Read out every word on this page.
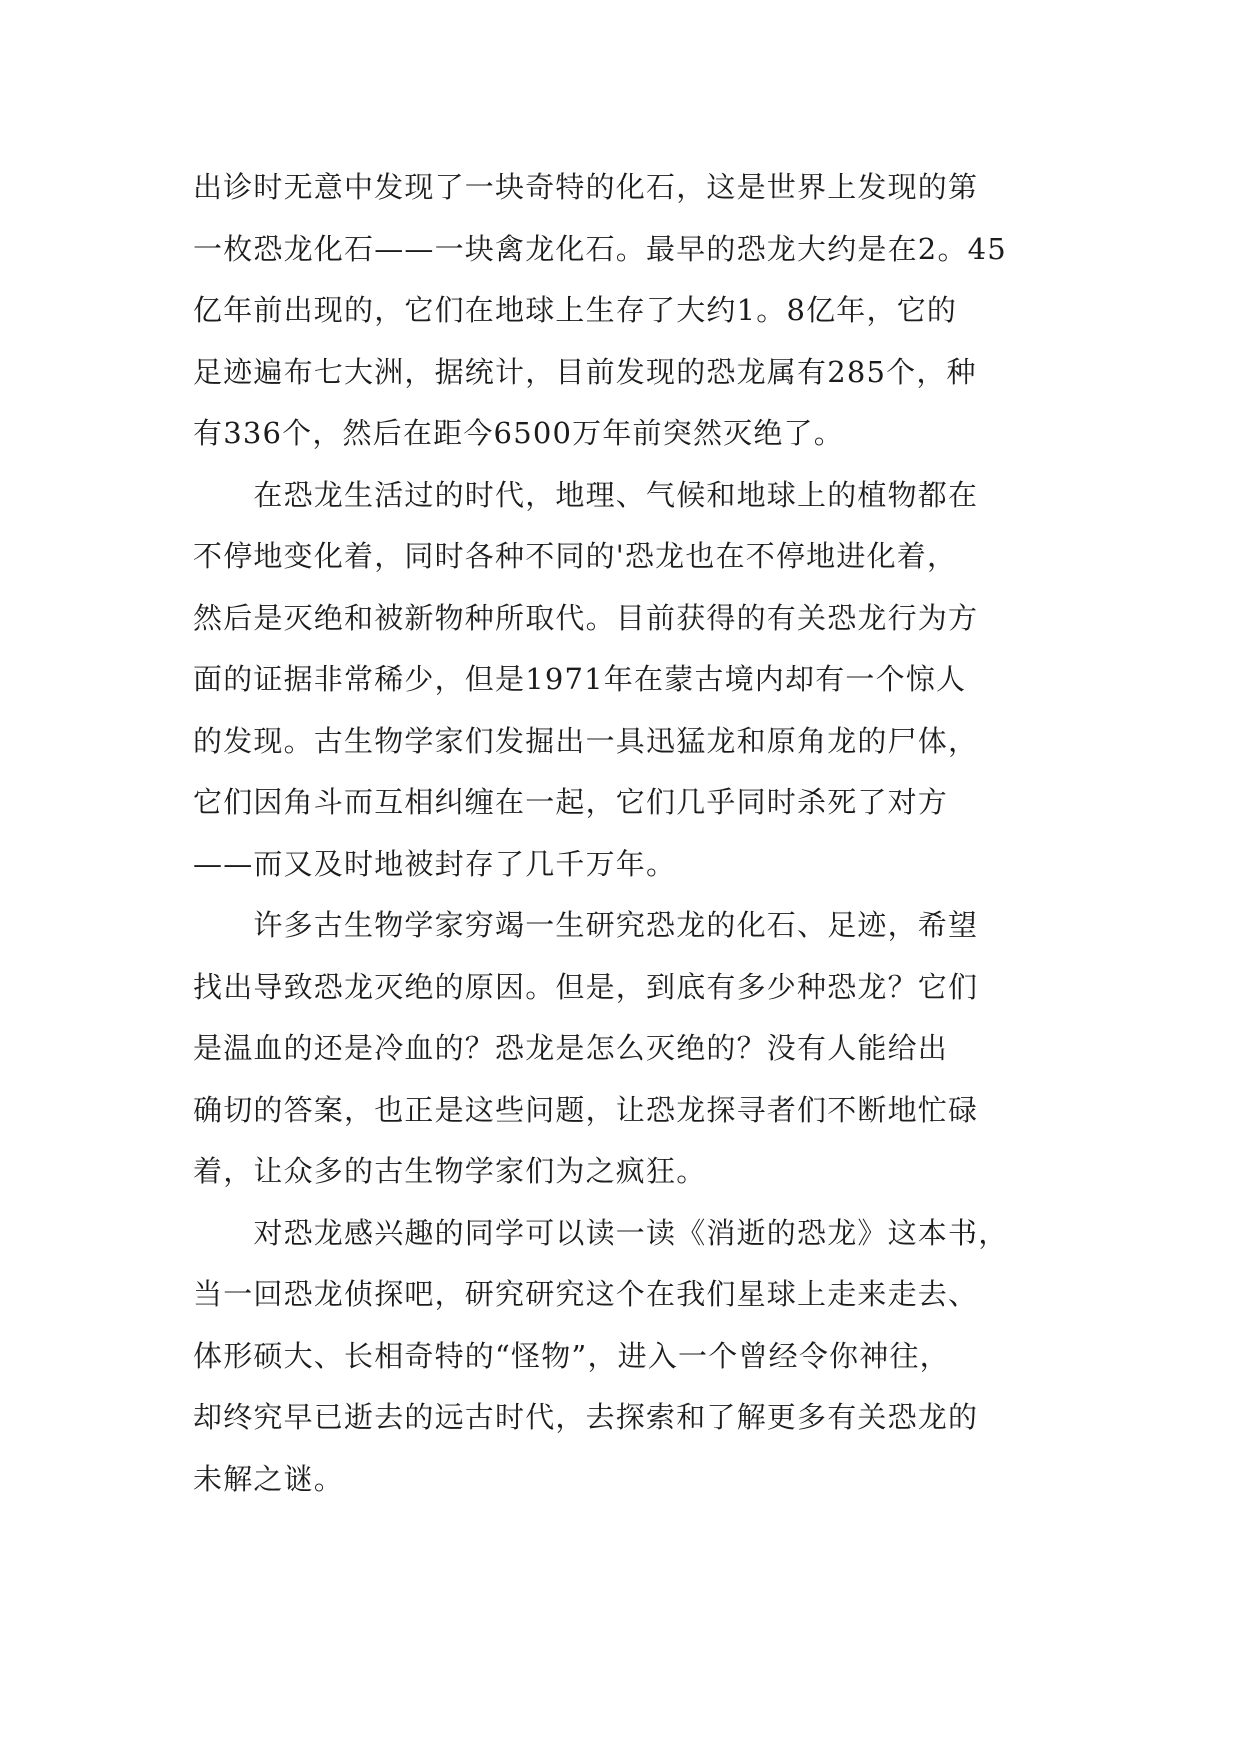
出诊时无意中发现了一块奇特的化石，这是世界上发现的第
一枚恐龙化石——一块禽龙化石。最早的恐龙大约是在2。45
亿年前出现的，它们在地球上生存了大约1。8亿年，它的
足迹遍布七大洲，据统计，目前发现的恐龙属有285个，种
有336个，然后在距今6500万年前突然灭绝了。
　　在恐龙生活过的时代，地理、气候和地球上的植物都在
不停地变化着，同时各种不同的'恐龙也在不停地进化着，
然后是灭绝和被新物种所取代。目前获得的有关恐龙行为方
面的证据非常稀少，但是1971年在蒙古境内却有一个惊人
的发现。古生物学家们发掘出一具迅猛龙和原角龙的尸体，
它们因角斗而互相纠缠在一起，它们几乎同时杀死了对方
——而又及时地被封存了几千万年。
　　许多古生物学家穷竭一生研究恐龙的化石、足迹，希望
找出导致恐龙灭绝的原因。但是，到底有多少种恐龙？它们
是温血的还是冷血的？恐龙是怎么灭绝的？没有人能给出
确切的答案，也正是这些问题，让恐龙探寻者们不断地忙碌
着，让众多的古生物学家们为之疯狂。
　　对恐龙感兴趣的同学可以读一读《消逝的恐龙》这本书，
当一回恐龙侦探吧，研究研究这个在我们星球上走来走去、
体形硕大、长相奇特的“怪物”，进入一个曾经令你神往，
却终究早已逝去的远古时代，去探索和了解更多有关恐龙的
未解之谜。
